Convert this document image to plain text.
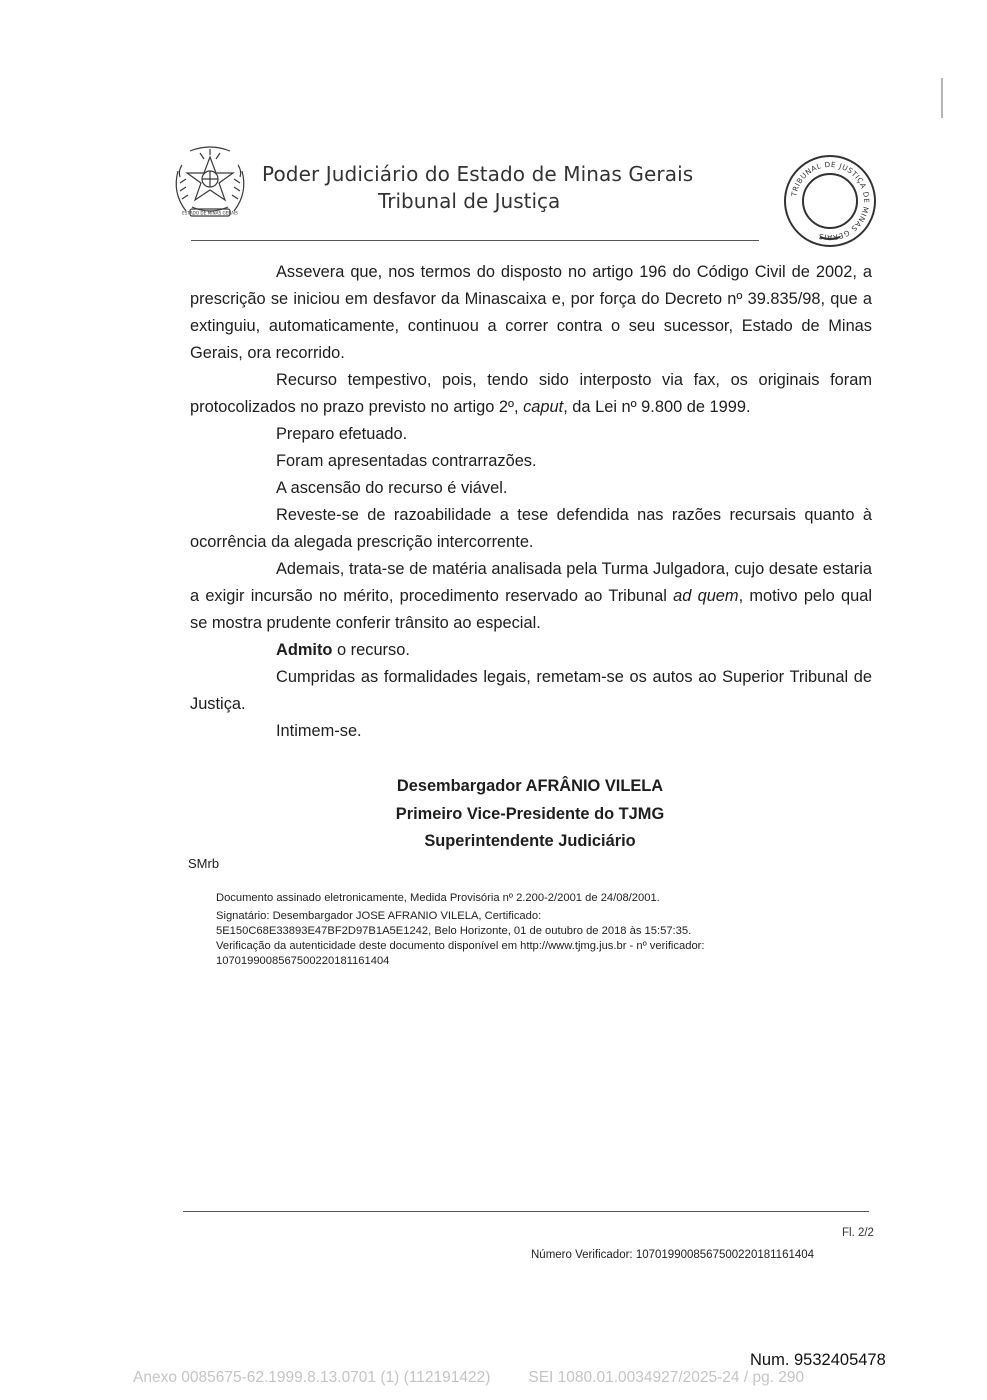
ESTADO DE MINAS GERAIS
Poder Judiciário do Estado de Minas Gerais
Tribunal de Justiça	TRIBUNAL DE JUSTIÇA DE MINAS GERAIS

Assevera que, nos termos do disposto no artigo 196 do Código Civil de 2002, a prescrição se iniciou em desfavor da Minascaixa e, por força do Decreto nº 39.835/98, que a extinguiu, automaticamente, continuou a correr contra o seu sucessor, Estado de Minas Gerais, ora recorrido.

Recurso tempestivo, pois, tendo sido interposto via fax, os originais foram protocolizados no prazo previsto no artigo 2º, caput, da Lei nº 9.800 de 1999.

Preparo efetuado.

Foram apresentadas contrarrazões.

A ascensão do recurso é viável.

Reveste-se de razoabilidade a tese defendida nas razões recursais quanto à ocorrência da alegada prescrição intercorrente.

Ademais, trata-se de matéria analisada pela Turma Julgadora, cujo desate estaria a exigir incursão no mérito, procedimento reservado ao Tribunal ad quem, motivo pelo qual se mostra prudente conferir trânsito ao especial.

Admito o recurso.

Cumpridas as formalidades legais, remetam-se os autos ao Superior Tribunal de Justiça.

Intimem-se.

Desembargador AFRÂNIO VILELA
Primeiro Vice-Presidente do TJMG
Superintendente Judiciário
SMrb

Documento assinado eletronicamente, Medida Provisória nº 2.200-2/2001 de 24/08/2001.

Signatário: Desembargador JOSE AFRANIO VILELA, Certificado:

5E150C68E33893E47BF2D97B1A5E1242, Belo Horizonte, 01 de outubro de 2018 às 15:57:35.

Verificação da autenticidade deste documento disponível em http://www.tjmg.jus.br - nº verificador:

1070199008567500220181161404

Fl. 2/2
Número Verificador: 1070199008567500220181161404
Num. 9532405478
Anexo 0085675-62.1999.8.13.0701 (1) (112191422) SEI 1080.01.0034927/2025-24 / pg. 290
